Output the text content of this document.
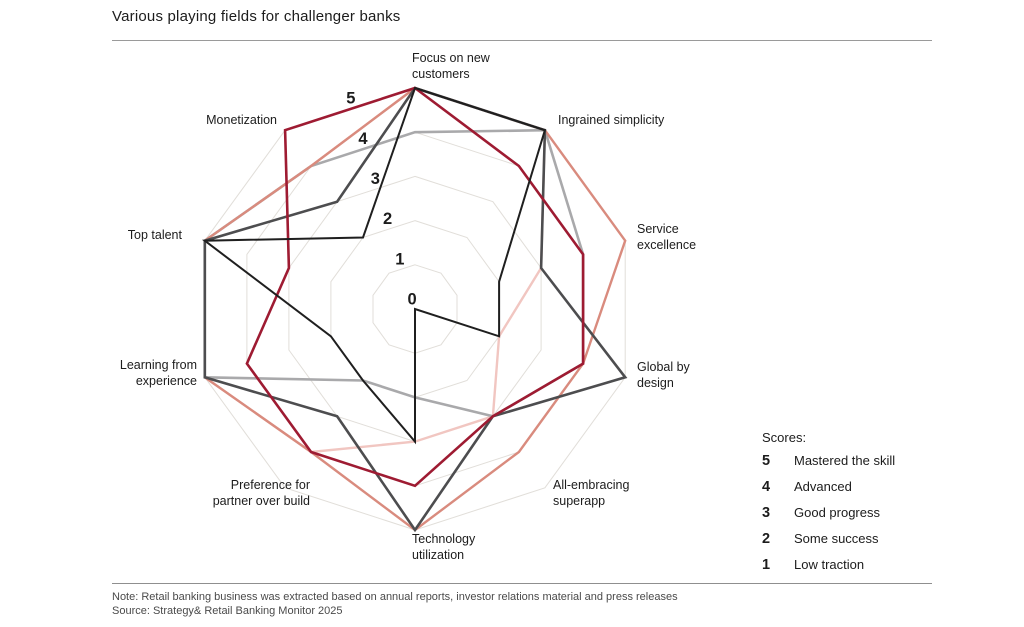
Various playing fields for challenger banks
0
1
2
3
4
5
Focus on new
customers
Ingrained simplicity
Service
excellence
Global by
design
All-embracing
superapp
Technology
utilization
Preference for
partner over build
Learning from
experience
Top talent
Monetization
Scores:
5	Mastered the skill
4	Advanced
3	Good progress
2	Some success
1	Low traction
Note: Retail banking business was extracted based on annual reports, investor relations material and press releases
Source: Strategy& Retail Banking Monitor 2025
